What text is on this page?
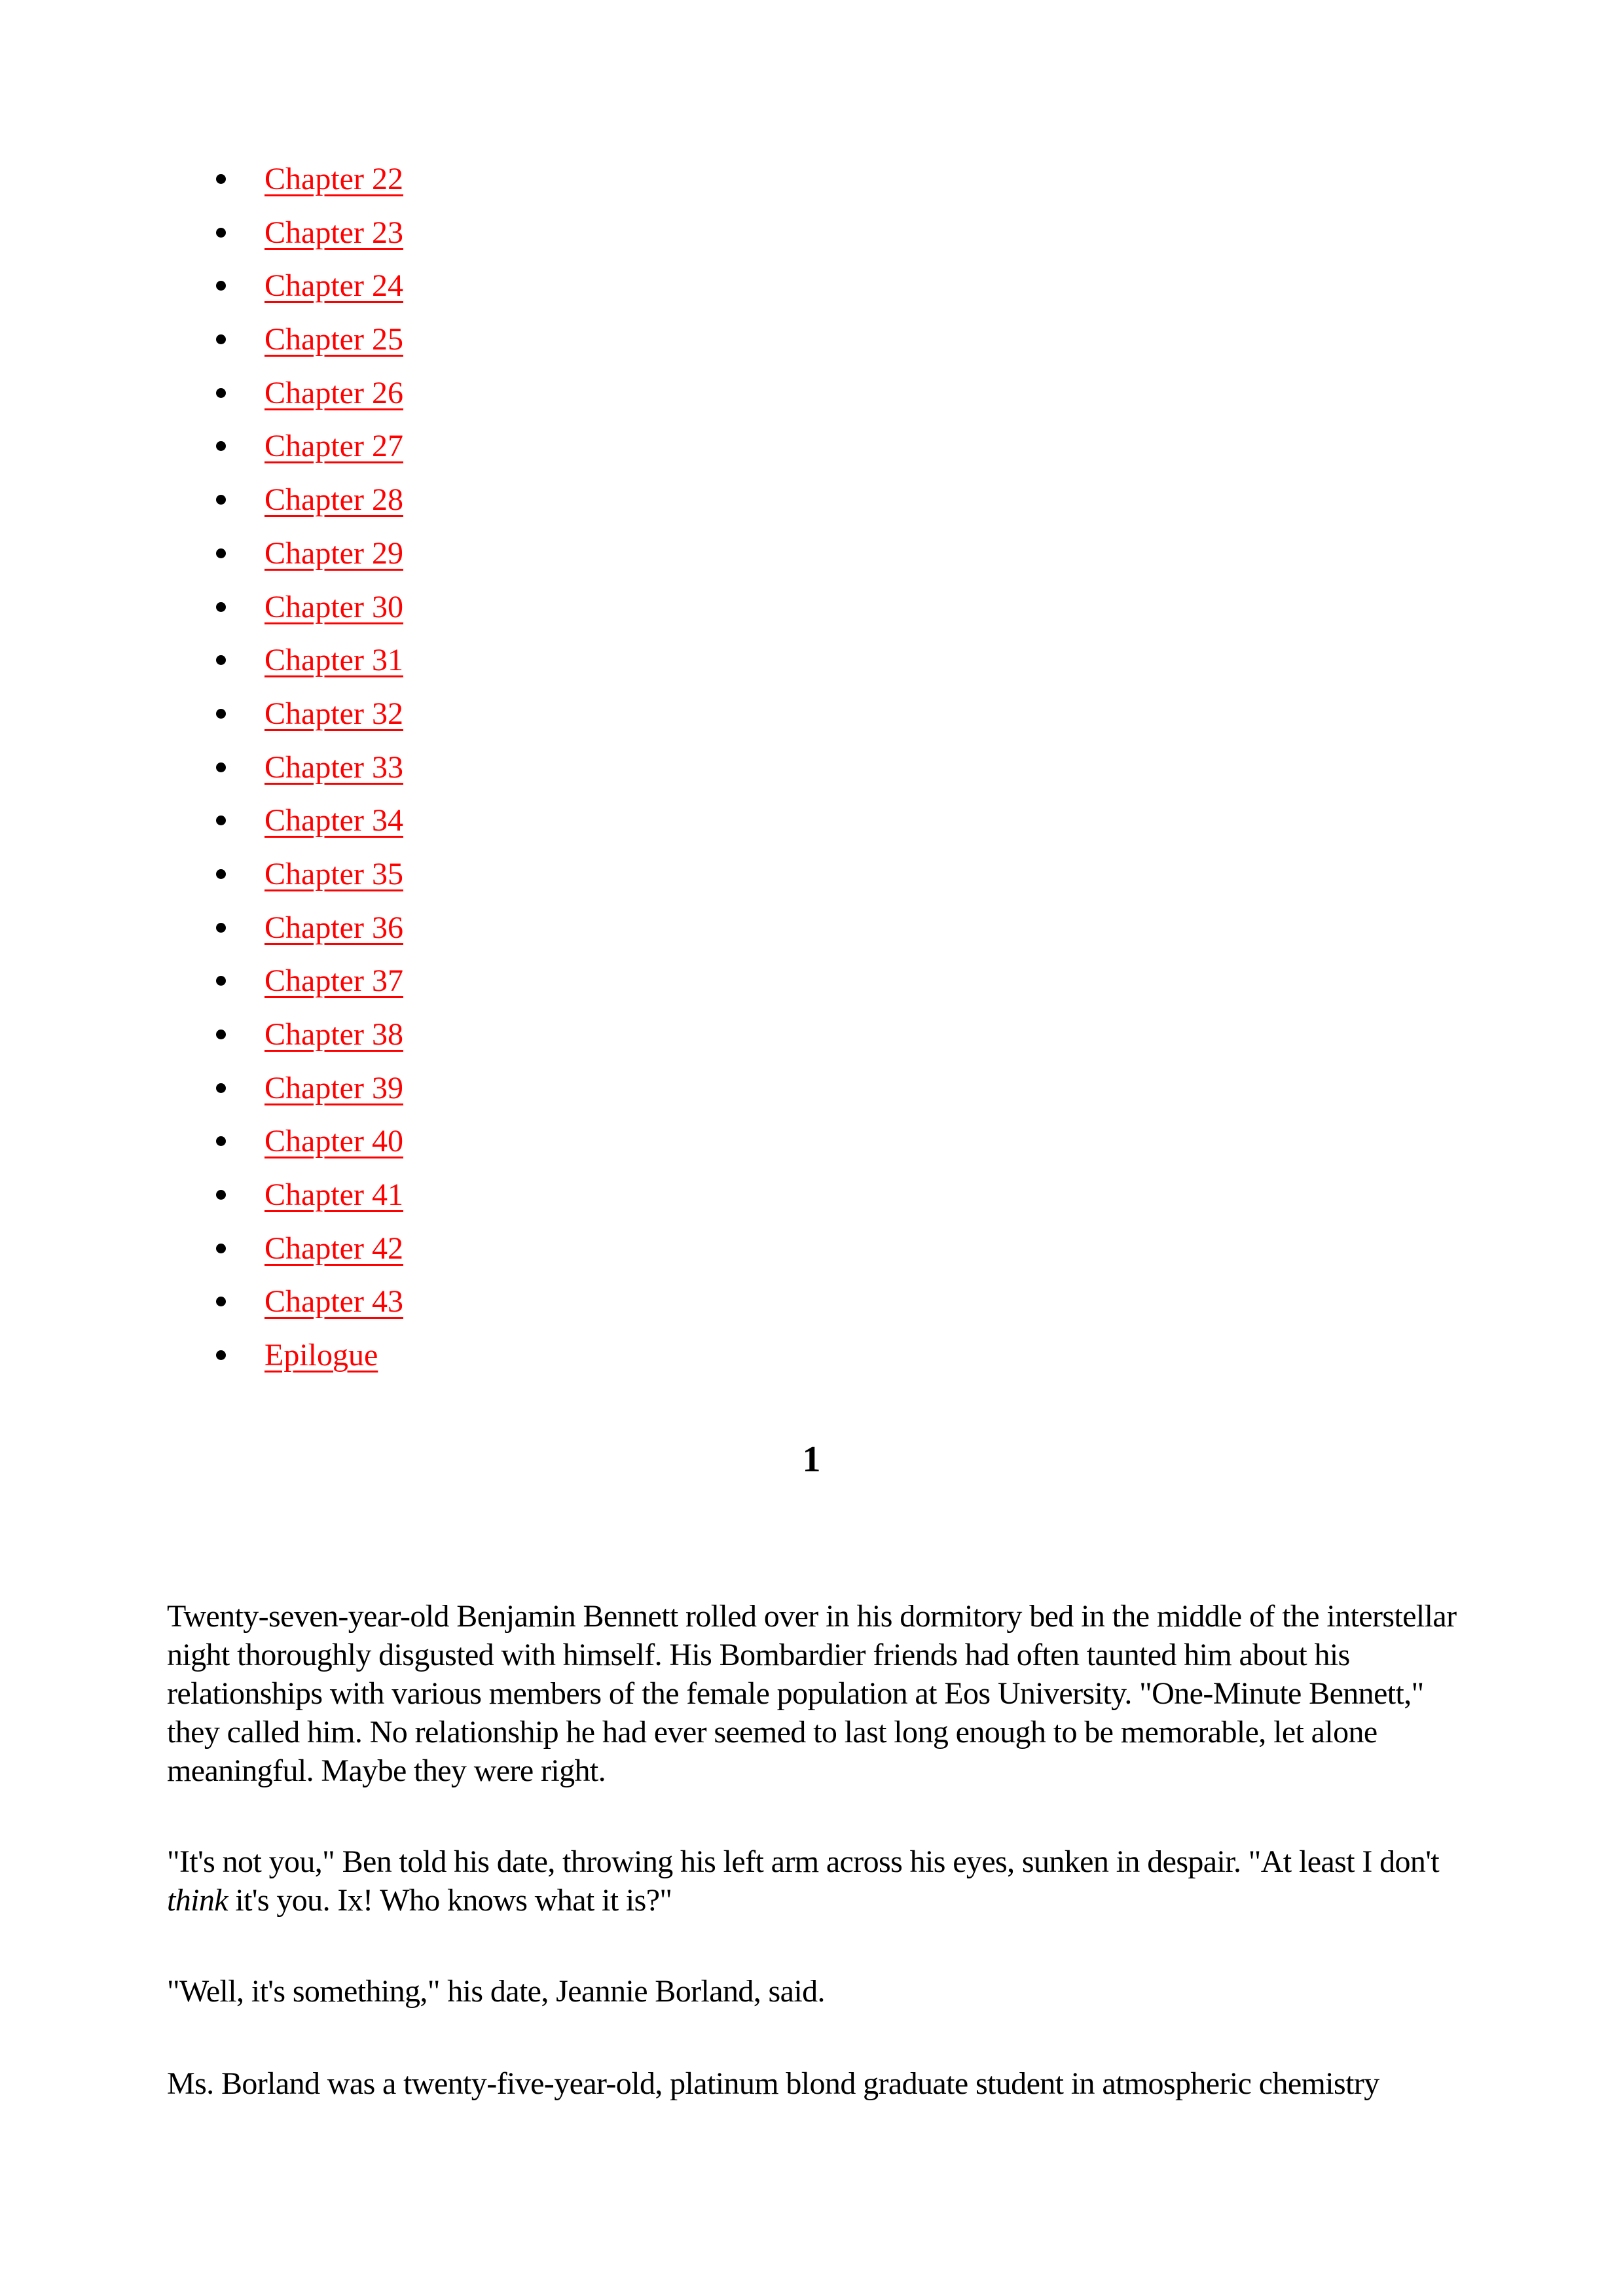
Chapter 22
Chapter 23
Chapter 24
Chapter 25
Chapter 26
Chapter 27
Chapter 28
Chapter 29
Chapter 30
Chapter 31
Chapter 32
Chapter 33
Chapter 34
Chapter 35
Chapter 36
Chapter 37
Chapter 38
Chapter 39
Chapter 40
Chapter 41
Chapter 42
Chapter 43
Epilogue
1

Twenty-seven-year-old Benjamin Bennett rolled over in his dormitory bed in the middle of the interstellar night thoroughly disgusted with himself. His Bombardier friends had often taunted him about his relationships with various members of the female population at Eos University. "One-Minute Bennett," they called him. No relationship he had ever seemed to last long enough to be memorable, let alone meaningful. Maybe they were right.

"It's not you," Ben told his date, throwing his left arm across his eyes, sunken in despair. "At least I don't think it's you. Ix! Who knows what it is?"

"Well, it's something," his date, Jeannie Borland, said.

Ms. Borland was a twenty-five-year-old, platinum blond graduate student in atmospheric chemistry
